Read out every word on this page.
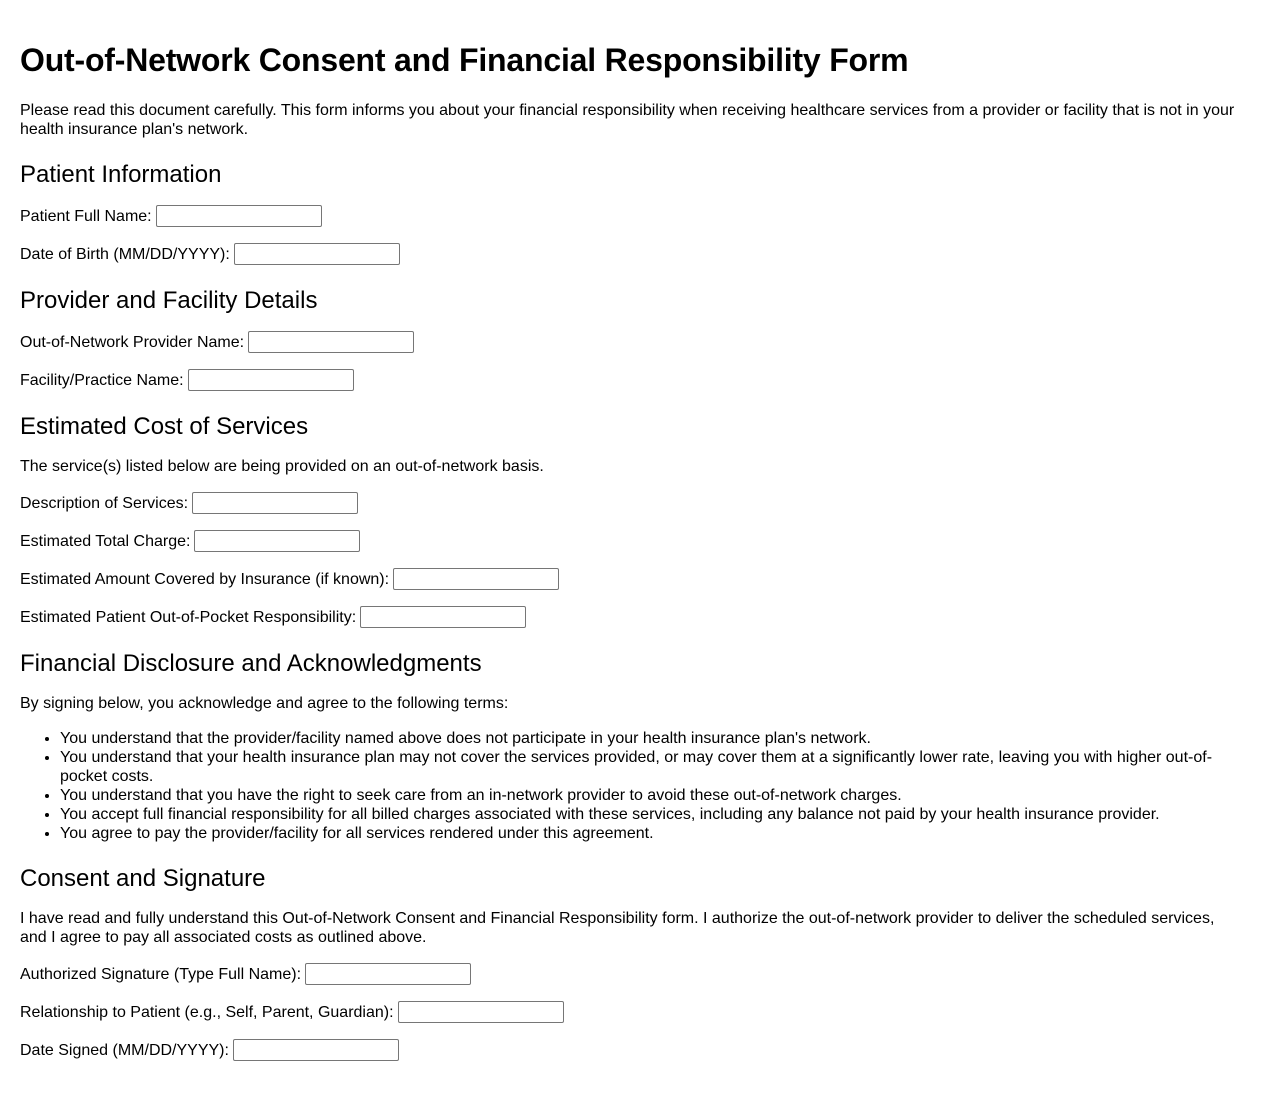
Out-of-Network Consent and Financial Responsibility Form

Please read this document carefully. This form informs you about your financial responsibility when receiving healthcare services from a provider or facility that is not in your health insurance plan's network.

Patient Information
Patient Full Name:
Date of Birth (MM/DD/YYYY):
Provider and Facility Details
Out-of-Network Provider Name:
Facility/Practice Name:
Estimated Cost of Services

The service(s) listed below are being provided on an out-of-network basis.

Description of Services:
Estimated Total Charge:
Estimated Amount Covered by Insurance (if known):
Estimated Patient Out-of-Pocket Responsibility:
Financial Disclosure and Acknowledgments

By signing below, you acknowledge and agree to the following terms:

• You understand that the provider/facility named above does not participate in your health insurance plan's network.
• You understand that your health insurance plan may not cover the services provided, or may cover them at a significantly lower rate, leaving you with higher out-of-pocket costs.
• You understand that you have the right to seek care from an in-network provider to avoid these out-of-network charges.
• You accept full financial responsibility for all billed charges associated with these services, including any balance not paid by your health insurance provider.
• You agree to pay the provider/facility for all services rendered under this agreement.
Consent and Signature

I have read and fully understand this Out-of-Network Consent and Financial Responsibility form. I authorize the out-of-network provider to deliver the scheduled services, and I agree to pay all associated costs as outlined above.

Authorized Signature (Type Full Name):
Relationship to Patient (e.g., Self, Parent, Guardian):
Date Signed (MM/DD/YYYY):
